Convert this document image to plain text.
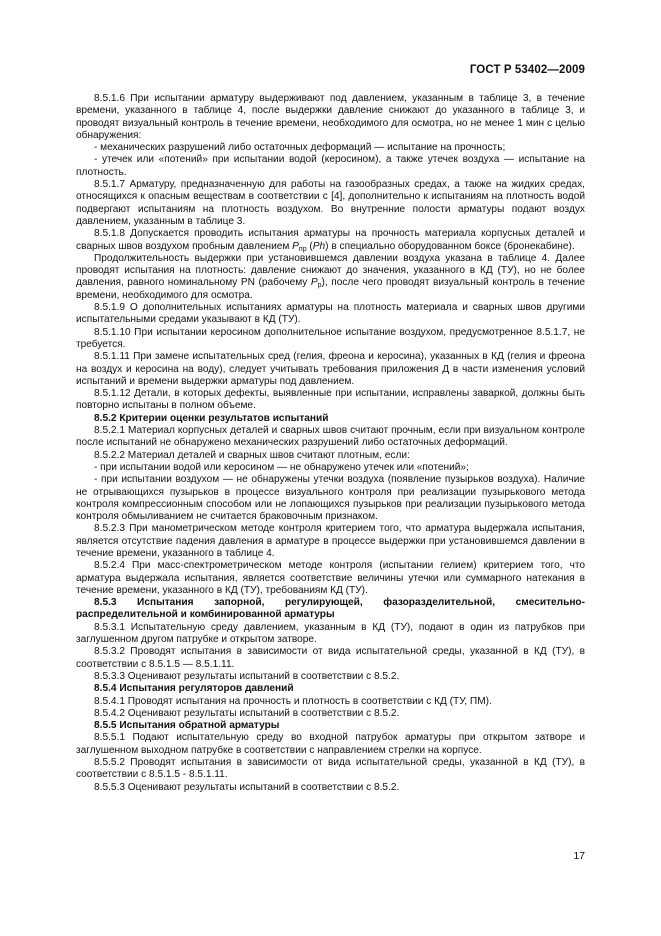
ГОСТ Р 53402—2009

8.5.1.6 При испытании арматуру выдерживают под давлением, указанным в таблице 3, в течение времени, указанного в таблице 4, после выдержки давление снижают до указанного в таблице 3, и проводят визуальный контроль в течение времени, необходимого для осмотра, но не менее 1 мин с целью обнаружения:

- механических разрушений либо остаточных деформаций — испытание на прочность;

- утечек или «потений» при испытании водой (керосином), а также утечек воздуха — испытание на плотность.

8.5.1.7 Арматуру, предназначенную для работы на газообразных средах, а также на жидких средах, относящихся к опасным веществам в соответствии с [4], дополнительно к испытаниям на плотность водой подвергают испытаниям на плотность воздухом. Во внутренние полости арматуры подают воздух давлением, указанным в таблице 3.

8.5.1.8 Допускается проводить испытания арматуры на прочность материала корпусных деталей и сварных швов воздухом пробным давлением $P_{пр}$ (Ph) в специально оборудованном боксе (бронекабине).

Продолжительность выдержки при установившемся давлении воздуха указана в таблице 4. Далее проводят испытания на плотность: давление снижают до значения, указанного в КД (ТУ), но не более давления, равного номинальному PN (рабочему $P_р$), после чего проводят визуальный контроль в течение времени, необходимого для осмотра.

8.5.1.9 О дополнительных испытаниях арматуры на плотность материала и сварных швов другими испытательными средами указывают в КД (ТУ).

8.5.1.10 При испытании керосином дополнительное испытание воздухом, предусмотренное 8.5.1.7, не требуется.

8.5.1.11 При замене испытательных сред (гелия, фреона и керосина), указанных в КД (гелия и фреона на воздух и керосина на воду), следует учитывать требования приложения Д в части изменения условий испытаний и времени выдержки арматуры под давлением.

8.5.1.12 Детали, в которых дефекты, выявленные при испытании, исправлены заваркой, должны быть повторно испытаны в полном объеме.

8.5.2 Критерии оценки результатов испытаний

8.5.2.1 Материал корпусных деталей и сварных швов считают прочным, если при визуальном контроле после испытаний не обнаружено механических разрушений либо остаточных деформаций.

8.5.2.2 Материал деталей и сварных швов считают плотным, если:

- при испытании водой или керосином — не обнаружено утечек или «потений»;

- при испытании воздухом — не обнаружены утечки воздуха (появление пузырьков воздуха). Наличие не отрывающихся пузырьков в процессе визуального контроля при реализации пузырькового метода контроля компрессионным способом или не лопающихся пузырьков при реализации пузырькового метода контроля обмыливанием не считается браковочным признаком.

8.5.2.3 При манометрическом методе контроля критерием того, что арматура выдержала испытания, является отсутствие падения давления в арматуре в процессе выдержки при установившемся давлении в течение времени, указанного в таблице 4.

8.5.2.4 При масс-спектрометрическом методе контроля (испытании гелием) критерием того, что арматура выдержала испытания, является соответствие величины утечки или суммарного натекания в течение времени, указанного в КД (ТУ), требованиям КД (ТУ).

8.5.3 Испытания запорной, регулирующей, фазоразделительной, смесительно-распределительной и комбинированной арматуры

8.5.3.1 Испытательную среду давлением, указанным в КД (ТУ), подают в один из патрубков при заглушенном другом патрубке и открытом затворе.

8.5.3.2 Проводят испытания в зависимости от вида испытательной среды, указанной в КД (ТУ), в соответствии с 8.5.1.5 — 8.5.1.11.

8.5.3.3 Оценивают результаты испытаний в соответствии с 8.5.2.

8.5.4 Испытания регуляторов давлений

8.5.4.1 Проводят испытания на прочность и плотность в соответствии с КД (ТУ, ПМ).

8.5.4.2 Оценивают результаты испытаний в соответствии с 8.5.2.

8.5.5 Испытания обратной арматуры

8.5.5.1 Подают испытательную среду во входной патрубок арматуры при открытом затворе и заглушенном выходном патрубке в соответствии с направлением стрелки на корпусе.

8.5.5.2 Проводят испытания в зависимости от вида испытательной среды, указанной в КД (ТУ), в соответствии с 8.5.1.5 - 8.5.1.11.

8.5.5.3 Оценивают результаты испытаний в соответствии с 8.5.2.

17
